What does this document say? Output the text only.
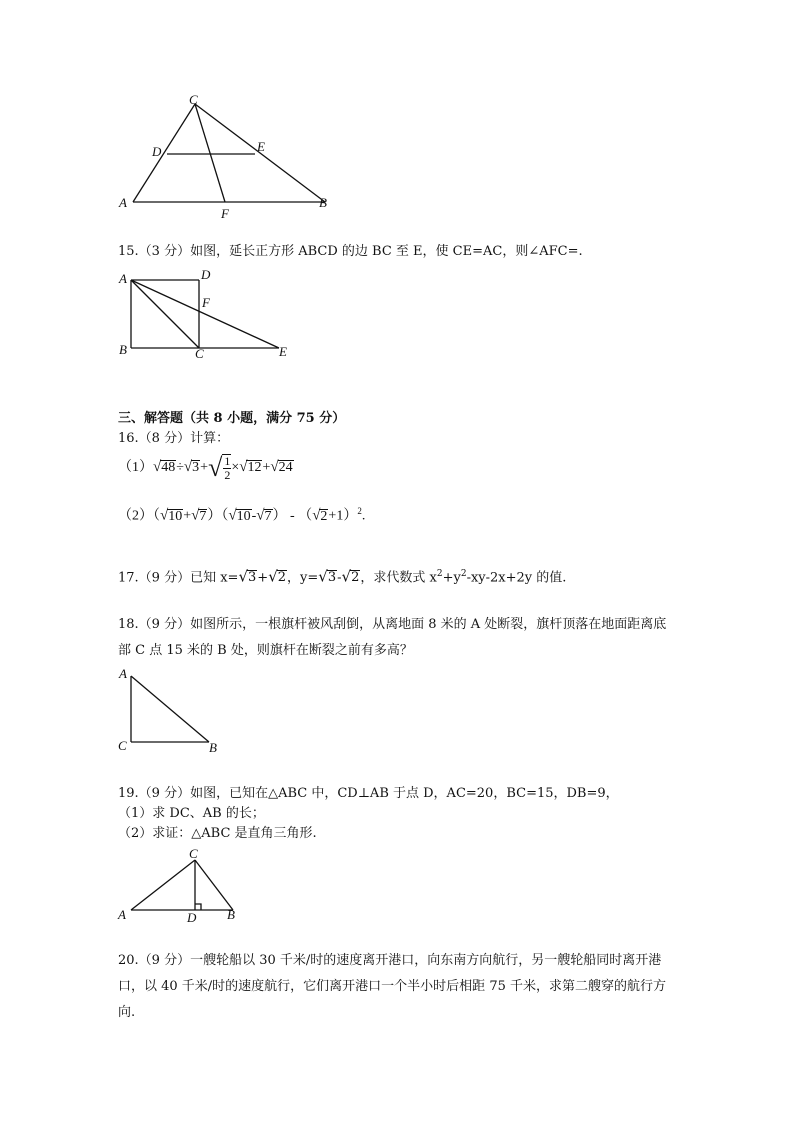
C
D	E
A
F
B
15.（3 分）如图，延长正方形 ABCD 的边 BC 至 E，使 CE=AC，则∠AFC=.
A	D
F
B	C	E
三、解答题（共 8 小题，满分 75 分）
16.（8 分）计算：
$(1)√48\div√3+√ \frac{1}{2} \times√12+√24$
$(2)(√10+√7)(√10-√7) - (√2+1)^2$.
17.（9 分）已知 x=√3+√2，y=√3-√2，求代数式 $x^2+y^2-xy-2x+2y$ 的值.
18.（9 分）如图所示，一根旗杆被风刮倒，从离地面 8 米的 A 处断裂，旗杆顶落在地面距离底部 C 点 15 米的 B 处，则旗杆在断裂之前有多高？
A
C	B
19.（9 分）如图，已知在△ABC 中，CD⊥AB 于点 D，AC=20，BC=15，DB=9，
（1）求 DC、AB 的长；
（2）求证：△ABC 是直角三角形.
C
A	D B
20.（9 分）一艘轮船以 30 千米/时的速度离开港口，向东南方向航行，另一艘轮船同时离开港口，以 40 千米/时的速度航行，它们离开港口一个半小时后相距 75 千米，求第二艘穿的航行方向.
